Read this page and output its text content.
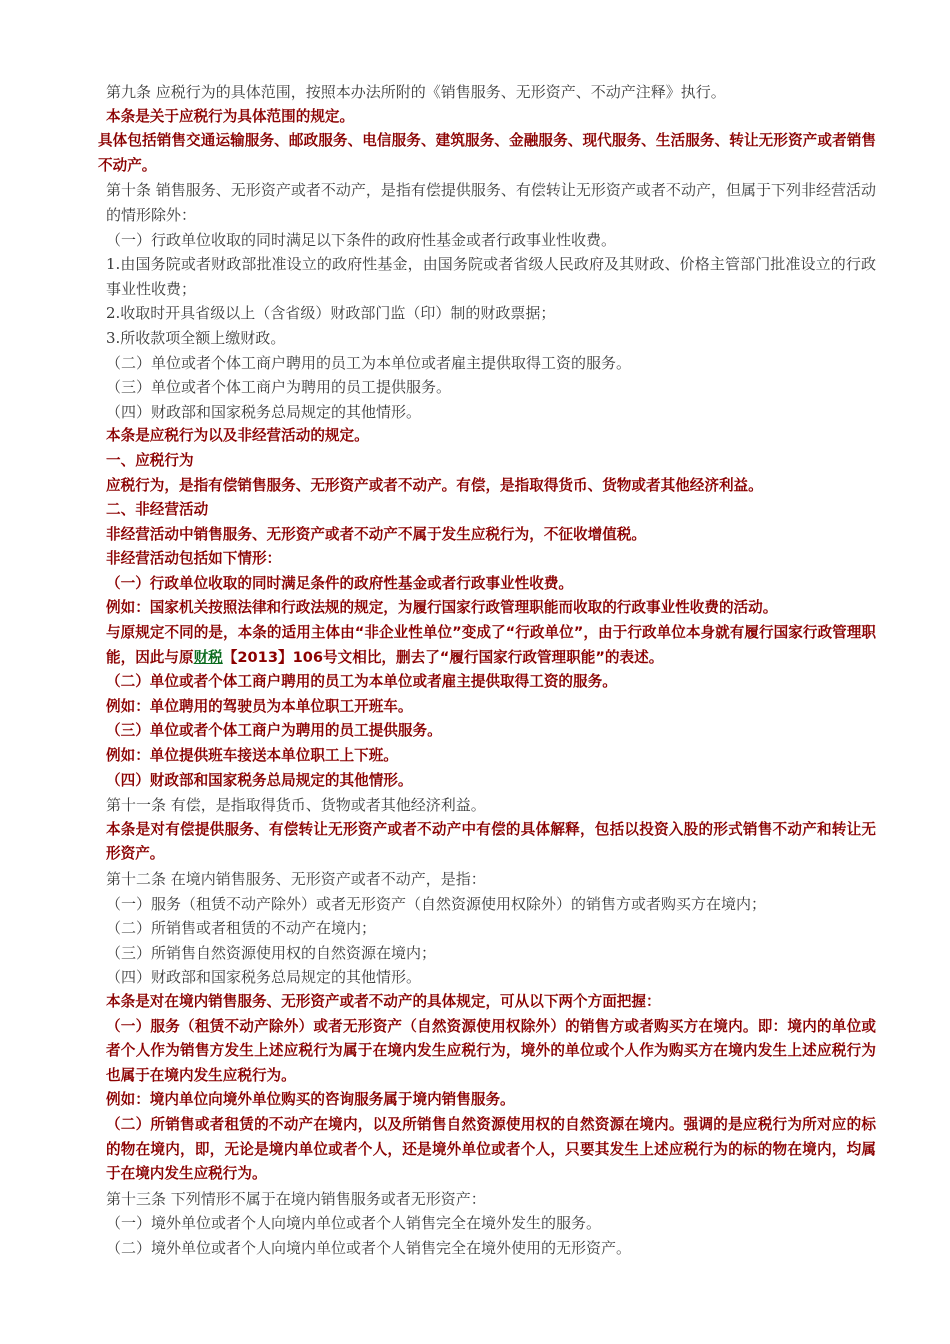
第九条 应税行为的具体范围，按照本办法所附的《销售服务、无形资产、不动产注释》执行。

本条是关于应税行为具体范围的规定。

具体包括销售交通运输服务、邮政服务、电信服务、建筑服务、金融服务、现代服务、生活服务、转让无形资产或者销售不动产。

第十条 销售服务、无形资产或者不动产，是指有偿提供服务、有偿转让无形资产或者不动产，但属于下列非经营活动的情形除外：

（一）行政单位收取的同时满足以下条件的政府性基金或者行政事业性收费。

1.由国务院或者财政部批准设立的政府性基金，由国务院或者省级人民政府及其财政、价格主管部门批准设立的行政事业性收费；

2.收取时开具省级以上（含省级）财政部门监（印）制的财政票据；

3.所收款项全额上缴财政。

（二）单位或者个体工商户聘用的员工为本单位或者雇主提供取得工资的服务。

（三）单位或者个体工商户为聘用的员工提供服务。

（四）财政部和国家税务总局规定的其他情形。

本条是应税行为以及非经营活动的规定。

一、应税行为

应税行为，是指有偿销售服务、无形资产或者不动产。有偿，是指取得货币、货物或者其他经济利益。

二、非经营活动

非经营活动中销售服务、无形资产或者不动产不属于发生应税行为，不征收增值税。

非经营活动包括如下情形：

（一）行政单位收取的同时满足条件的政府性基金或者行政事业性收费。

例如：国家机关按照法律和行政法规的规定，为履行国家行政管理职能而收取的行政事业性收费的活动。

与原规定不同的是，本条的适用主体由“非企业性单位”变成了“行政单位”，由于行政单位本身就有履行国家行政管理职能，因此与原财税【2013】106号文相比，删去了“履行国家行政管理职能”的表述。

（二）单位或者个体工商户聘用的员工为本单位或者雇主提供取得工资的服务。

例如：单位聘用的驾驶员为本单位职工开班车。

（三）单位或者个体工商户为聘用的员工提供服务。

例如：单位提供班车接送本单位职工上下班。

（四）财政部和国家税务总局规定的其他情形。

第十一条 有偿，是指取得货币、货物或者其他经济利益。

本条是对有偿提供服务、有偿转让无形资产或者不动产中有偿的具体解释，包括以投资入股的形式销售不动产和转让无形资产。

第十二条 在境内销售服务、无形资产或者不动产，是指：

（一）服务（租赁不动产除外）或者无形资产（自然资源使用权除外）的销售方或者购买方在境内；

（二）所销售或者租赁的不动产在境内；

（三）所销售自然资源使用权的自然资源在境内；

（四）财政部和国家税务总局规定的其他情形。

本条是对在境内销售服务、无形资产或者不动产的具体规定，可从以下两个方面把握：

（一）服务（租赁不动产除外）或者无形资产（自然资源使用权除外）的销售方或者购买方在境内。即：境内的单位或者个人作为销售方发生上述应税行为属于在境内发生应税行为，境外的单位或个人作为购买方在境内发生上述应税行为也属于在境内发生应税行为。

例如：境内单位向境外单位购买的咨询服务属于境内销售服务。

（二）所销售或者租赁的不动产在境内，以及所销售自然资源使用权的自然资源在境内。强调的是应税行为所对应的标的物在境内，即，无论是境内单位或者个人，还是境外单位或者个人，只要其发生上述应税行为的标的物在境内，均属于在境内发生应税行为。

第十三条 下列情形不属于在境内销售服务或者无形资产：

（一）境外单位或者个人向境内单位或者个人销售完全在境外发生的服务。

（二）境外单位或者个人向境内单位或者个人销售完全在境外使用的无形资产。
